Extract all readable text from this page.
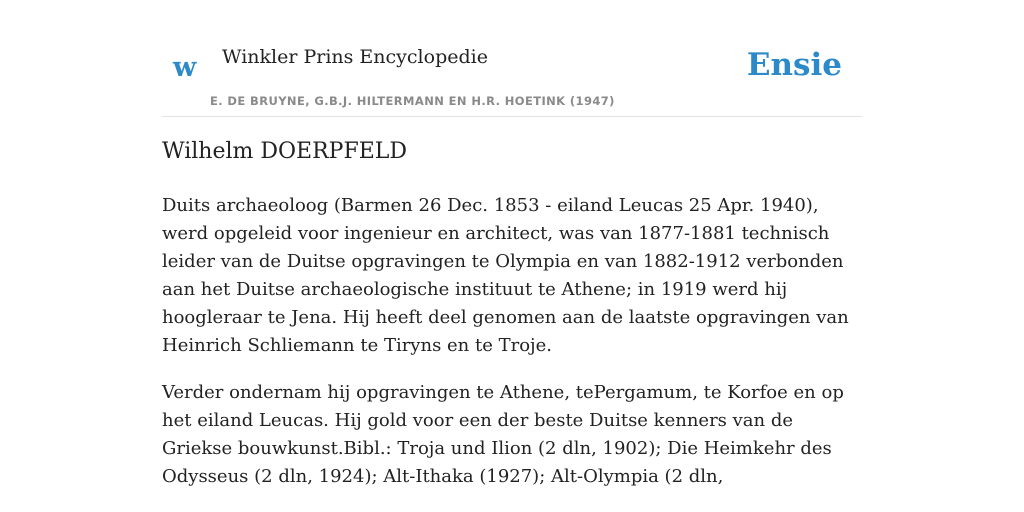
w Winkler Prins Encyclopedie
E. DE BRUYNE, G.B.J. HILTERMANN EN H.R. HOETINK (1947)
Ensie
Wilhelm DOERPFELD

Duits archaeoloog (Barmen 26 Dec. 1853 - eiland Leucas 25 Apr. 1940), werd opgeleid voor ingenieur en architect, was van 1877-1881 technisch leider van de Duitse opgravingen te Olympia en van 1882-1912 verbonden aan het Duitse archaeologische instituut te Athene; in 1919 werd hij hoogleraar te Jena. Hij heeft deel genomen aan de laatste opgravingen van Heinrich Schliemann te Tiryns en te Troje.

Verder ondernam hij opgravingen te Athene, tePergamum, te Korfoe en op het eiland Leucas. Hij gold voor een der beste Duitse kenners van de Griekse bouwkunst.Bibl.: Troja und Ilion (2 dln, 1902); Die Heimkehr des Odysseus (2 dln, 1924); Alt-Ithaka (1927); Alt-Olympia (2 dln,
